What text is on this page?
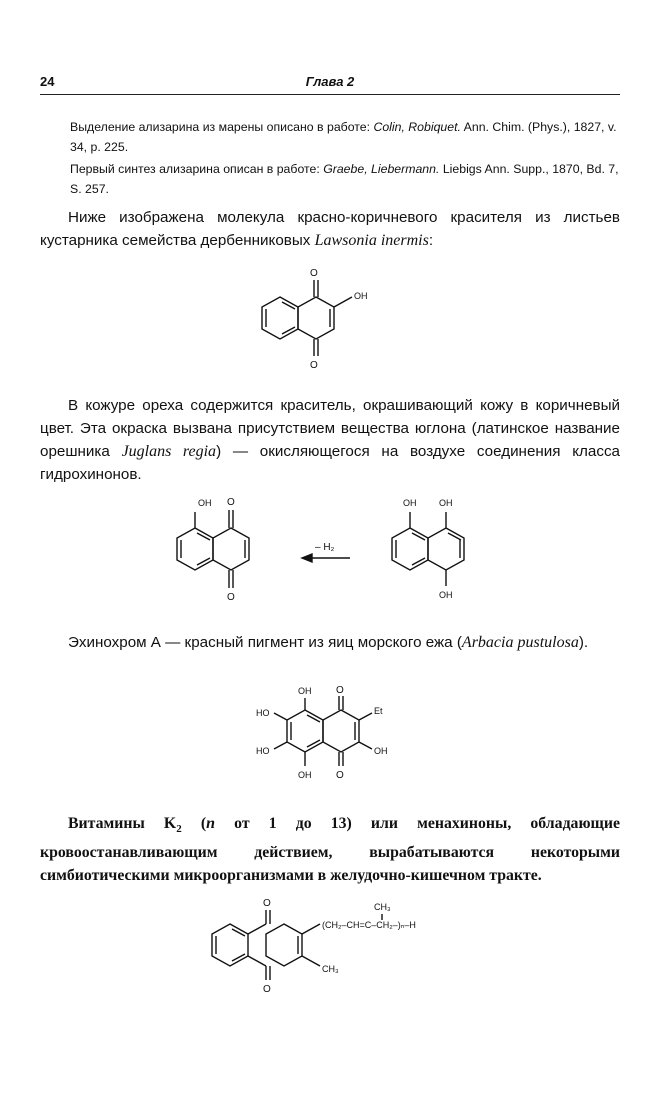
24	Глава 2

Выделение ализарина из марены описано в работе: Colin, Robiquet. Ann. Chim. (Phys.), 1827, v. 34, p. 225.

Первый синтез ализарина описан в работе: Graebe, Liebermann. Liebigs Ann. Supp., 1870, Bd. 7, S. 257.

Ниже изображена молекула красно-коричневого красителя из листьев кустарника семейства дербенниковых Lawsonia inermis:
O
O
OH
В кожуре ореха содержится краситель, окрашивающий кожу в коричневый цвет. Эта окраска вызвана присутствием вещества юглона (латинское название орешника Juglans regia) — окисляющегося на воздухе соединения класса гидрохинонов.
OH O
O
– H₂
OH	OH
OH
Эхинохром А — красный пигмент из яиц морского ежа (Arbacia pustulosa).
OH O
Et
HO
HO	OH
OH O
Витамины $K_2$ (n от 1 до 13) или менахиноны, обладающие кровоостанавливающим действием, вырабатываются некоторыми симбиотическими микроорганизмами в желудочно-кишечном тракте.
O
O
CH₃
(CH₂–CH=C–CH₂–)ₙ–H
CH₃
